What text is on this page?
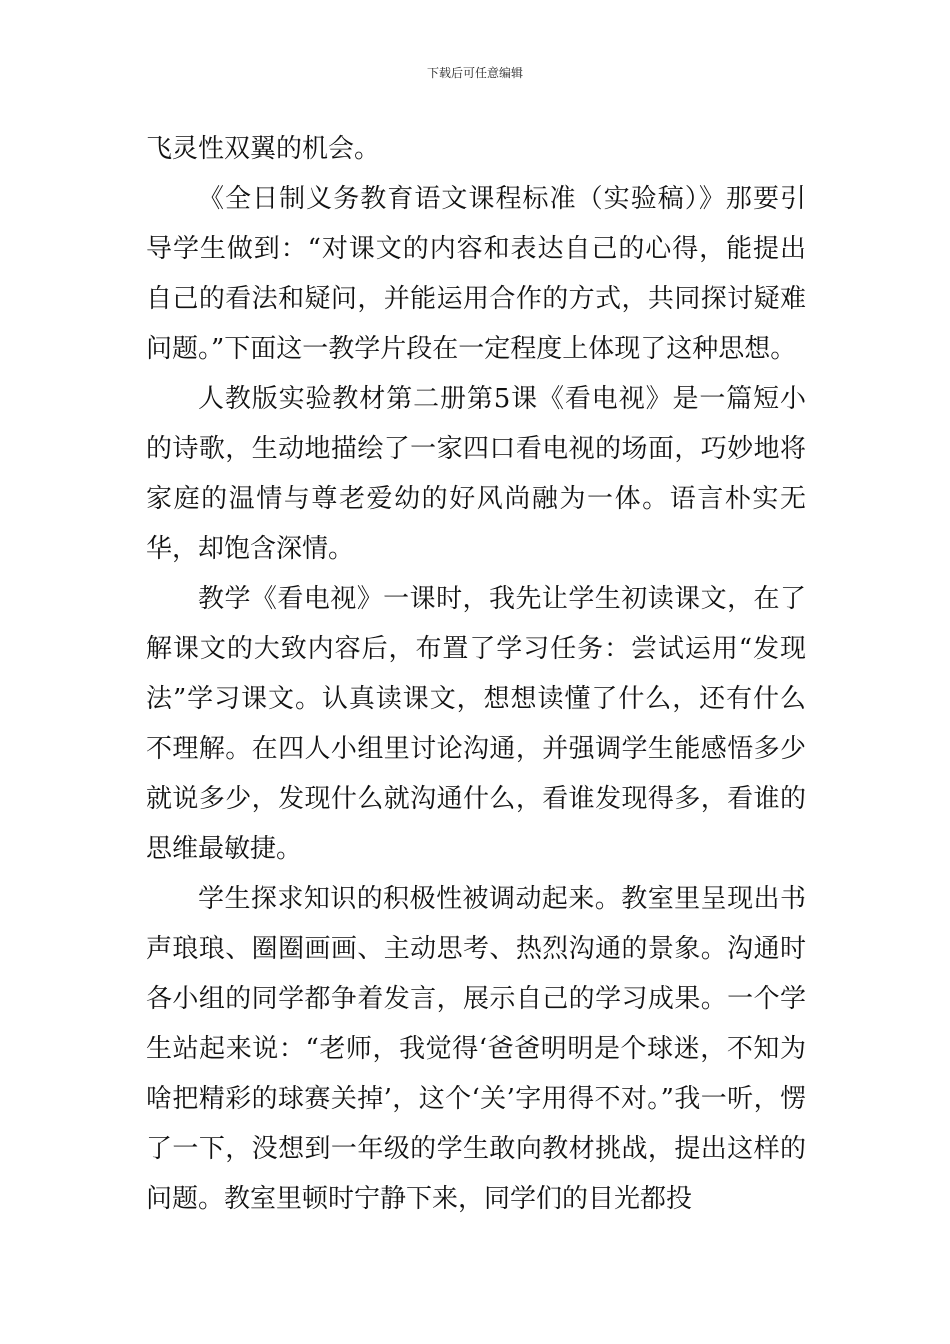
下载后可任意编辑

飞灵性双翼的机会。

《全日制义务教育语文课程标准（实验稿）》那要引导学生做到：“对课文的内容和表达自己的心得，能提出自己的看法和疑问，并能运用合作的方式，共同探讨疑难问题。”下面这一教学片段在一定程度上体现了这种思想。

人教版实验教材第二册第5课《看电视》是一篇短小的诗歌，生动地描绘了一家四口看电视的场面，巧妙地将家庭的温情与尊老爱幼的好风尚融为一体。语言朴实无华，却饱含深情。

教学《看电视》一课时，我先让学生初读课文，在了解课文的大致内容后，布置了学习任务：尝试运用“发现法”学习课文。认真读课文，想想读懂了什么，还有什么不理解。在四人小组里讨论沟通，并强调学生能感悟多少就说多少，发现什么就沟通什么，看谁发现得多，看谁的思维最敏捷。

学生探求知识的积极性被调动起来。教室里呈现出书声琅琅、圈圈画画、主动思考、热烈沟通的景象。沟通时各小组的同学都争着发言，展示自己的学习成果。一个学生站起来说：“老师，我觉得‘爸爸明明是个球迷，不知为啥把精彩的球赛关掉’，这个‘关’字用得不对。”我一听，愣了一下，没想到一年级的学生敢向教材挑战，提出这样的问题。教室里顿时宁静下来，同学们的目光都投
